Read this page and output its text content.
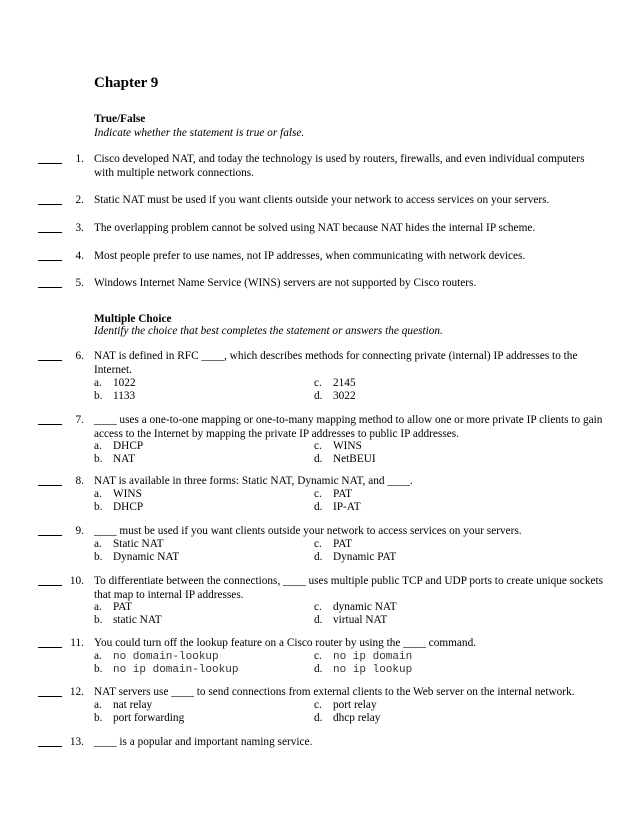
Chapter 9
True/False
Indicate whether the statement is true or false.
1. Cisco developed NAT, and today the technology is used by routers, firewalls, and even individual computers with multiple network connections.
2. Static NAT must be used if you want clients outside your network to access services on your servers.
3. The overlapping problem cannot be solved using NAT because NAT hides the internal IP scheme.
4. Most people prefer to use names, not IP addresses, when communicating with network devices.
5. Windows Internet Name Service (WINS) servers are not supported by Cisco routers.
Multiple Choice
Identify the choice that best completes the statement or answers the question.
6. NAT is defined in RFC ____, which describes methods for connecting private (internal) IP addresses to the Internet.
a. 1022
b. 1133
c. 2145
d. 3022
7. ____ uses a one-to-one mapping or one-to-many mapping method to allow one or more private IP clients to gain access to the Internet by mapping the private IP addresses to public IP addresses.
a. DHCP
b. NAT
c. WINS
d. NetBEUI
8. NAT is available in three forms: Static NAT, Dynamic NAT, and ____.
a. WINS
b. DHCP
c. PAT
d. IP-AT
9. ____ must be used if you want clients outside your network to access services on your servers.
a. Static NAT
b. Dynamic NAT
c. PAT
d. Dynamic PAT
10. To differentiate between the connections, ____ uses multiple public TCP and UDP ports to create unique sockets that map to internal IP addresses.
a. PAT
b. static NAT
c. dynamic NAT
d. virtual NAT
11. You could turn off the lookup feature on a Cisco router by using the ____ command.
a. no domain-lookup
b. no ip domain-lookup
c. no ip domain
d. no ip lookup
12. NAT servers use ____ to send connections from external clients to the Web server on the internal network.
a. nat relay
b. port forwarding
c. port relay
d. dhcp relay
13. ____ is a popular and important naming service.
